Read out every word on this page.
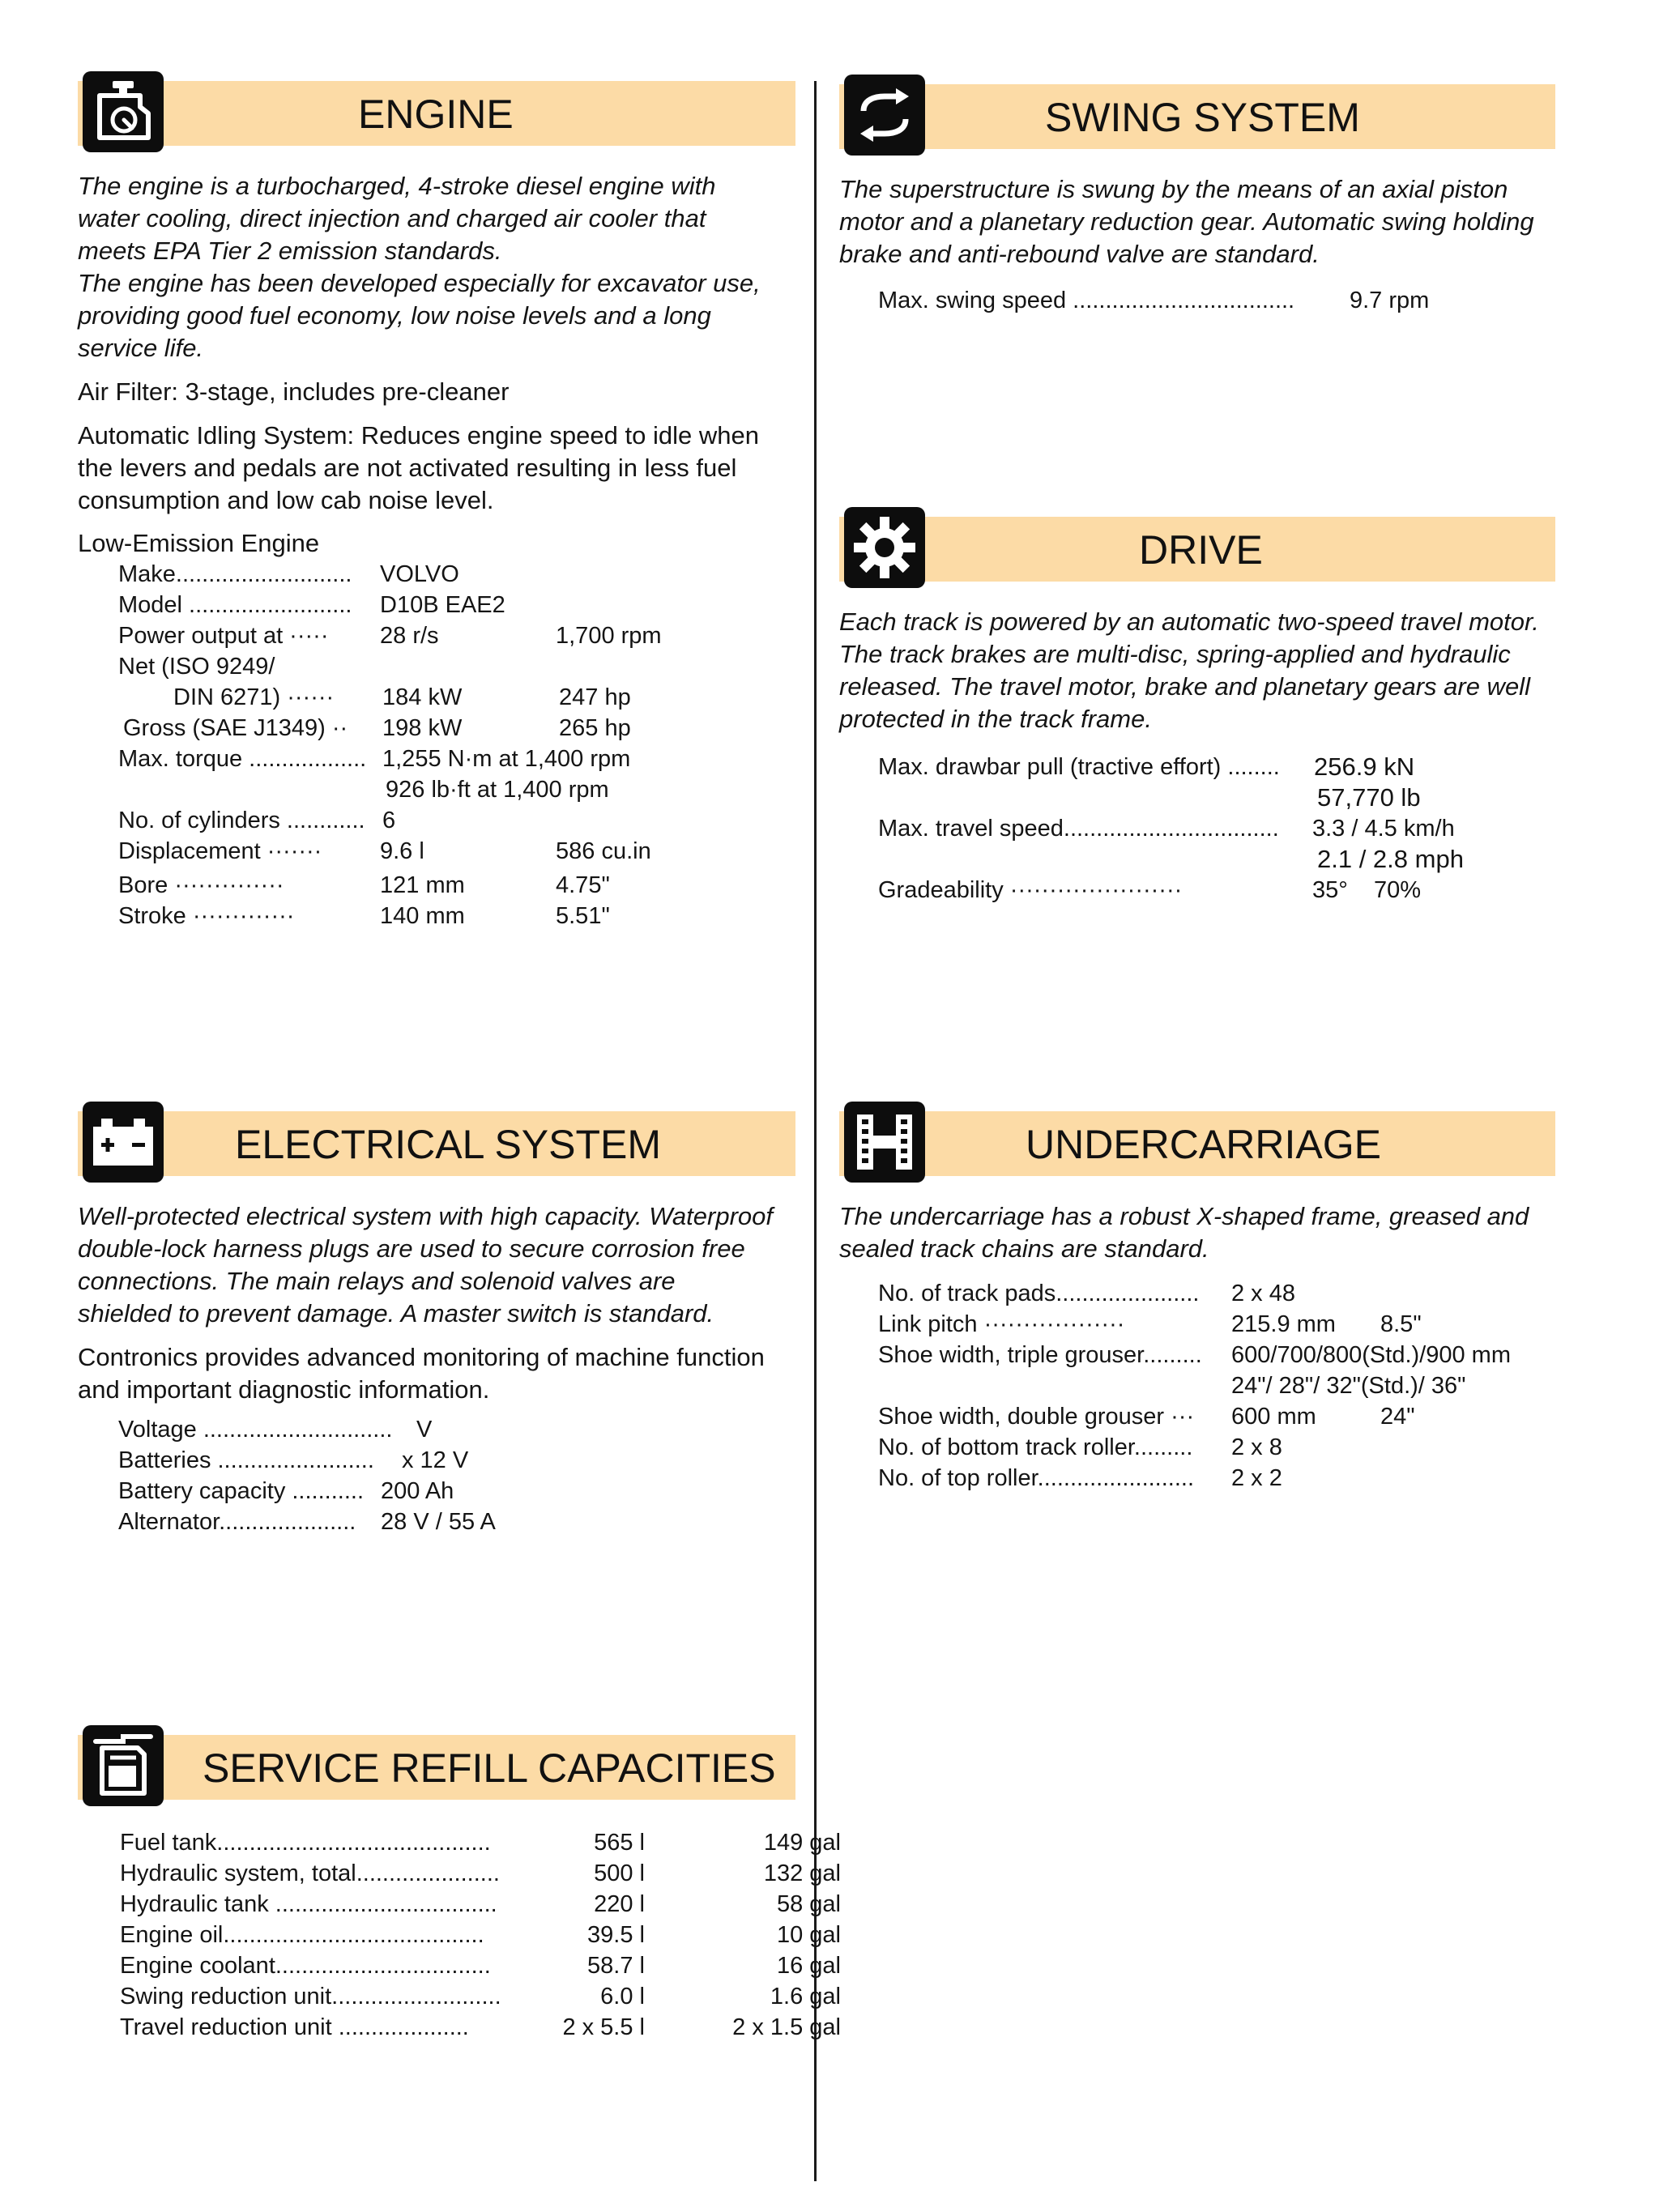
ENGINE

The engine is a turbocharged, 4-stroke diesel engine with water cooling, direct injection and charged air cooler that meets EPA Tier 2 emission standards.

The engine has been developed especially for excavator use, providing good fuel economy, low noise levels and a long service life.

Air Filter: 3-stage, includes pre-cleaner

Automatic Idling System: Reduces engine speed to idle when the levers and pedals are not activated resulting in less fuel consumption and low cab noise level.

Low-Emission Engine

Make........................... VOLVO
Model ......................... D10B EAE2
Power output at ····· 28 r/s	1,700 rpm
Net (ISO 9249/
DIN 6271) ······ 184 kW	247 hp
Gross (SAE J1349) ·· 198 kW	265 hp
Max. torque .................. 1,255 N·m at 1,400 rpm
926 lb·ft at 1,400 rpm
No. of cylinders ............ 6
Displacement ······· 9.6 l	586 cu.in
Bore ··············	121 mm	4.75"
Stroke ·············	140 mm	5.51"
SWING SYSTEM

The superstructure is swung by the means of an axial piston motor and a planetary reduction gear. Automatic swing holding brake and anti-rebound valve are standard.

Max. swing speed .................................. 9.7 rpm
DRIVE

Each track is powered by an automatic two-speed travel motor. The track brakes are multi-disc, spring-applied and hydraulic released. The travel motor, brake and planetary gears are well protected in the track frame.

Max. drawbar pull (tractive effort) ........ 256.9 kN
57,770 lb
Max. travel speed................................. 3.3 / 4.5 km/h
2.1 / 2.8 mph
Gradeability ······················	35° 70%
ELECTRICAL SYSTEM

Well-protected electrical system with high capacity. Waterproof double-lock harness plugs are used to secure corrosion free connections. The main relays and solenoid valves are shielded to prevent damage. A master switch is standard.

Contronics provides advanced monitoring of machine function and important diagnostic information.

Voltage ............................. V
Batteries ........................ x 12 V
Battery capacity ........... 200 Ah
Alternator..................... 28 V / 55 A
UNDERCARRIAGE

The undercarriage has a robust X-shaped frame, greased and sealed track chains are standard.

No. of track pads...................... 2 x 48
Link pitch ··················	215.9 mm 8.5"
Shoe width, triple grouser......... 600/700/800(Std.)/900 mm
24"/ 28"/ 32"(Std.)/ 36"
Shoe width, double grouser ··· 600 mm	24"
No. of bottom track roller......... 2 x 8
No. of top roller........................ 2 x 2
SERVICE REFILL CAPACITIES
Fuel tank..........................................	565 l	149 gal
Hydraulic system, total......................	500 l	132 gal
Hydraulic tank ..................................	220 l	58 gal
Engine oil........................................	39.5 l	10 gal
Engine coolant.................................	58.7 l	16 gal
Swing reduction unit..........................	6.0 l	1.6 gal
Travel reduction unit ....................	2 x 5.5 l	2 x 1.5 gal
